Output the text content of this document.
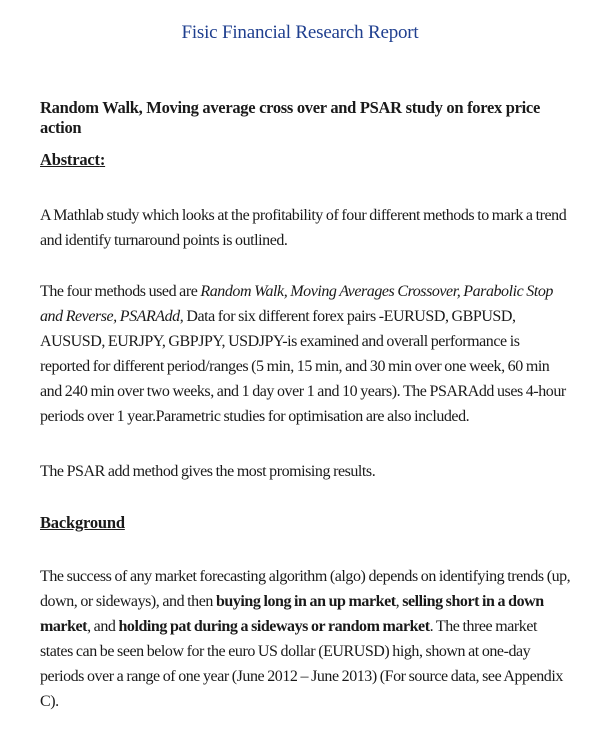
Fisic Financial Research Report
Random Walk, Moving average cross over and PSAR study on forex price action
Abstract:
A Mathlab study which looks at the profitability of four different methods to mark a trend and identify turnaround points is outlined.
The four methods used are Random Walk, Moving Averages Crossover, Parabolic Stop and Reverse, PSARAdd, Data for six different forex pairs -EURUSD, GBPUSD, AUSUSD, EURJPY, GBPJPY, USDJPY-is examined and overall performance is reported for different period/ranges (5 min, 15 min, and 30 min over one week, 60 min and 240 min over two weeks, and 1 day over 1 and 10 years). The PSARAdd uses 4-hour periods over 1 year.Parametric studies for optimisation are also included.
The PSAR add method gives the most promising results.
Background
The success of any market forecasting algorithm (algo) depends on identifying trends (up, down, or sideways), and then buying long in an up market, selling short in a down market, and holding pat during a sideways or random market. The three market states can be seen below for the euro US dollar (EURUSD) high, shown at one-day periods over a range of one year (June 2012 – June 2013) (For source data, see Appendix C).
